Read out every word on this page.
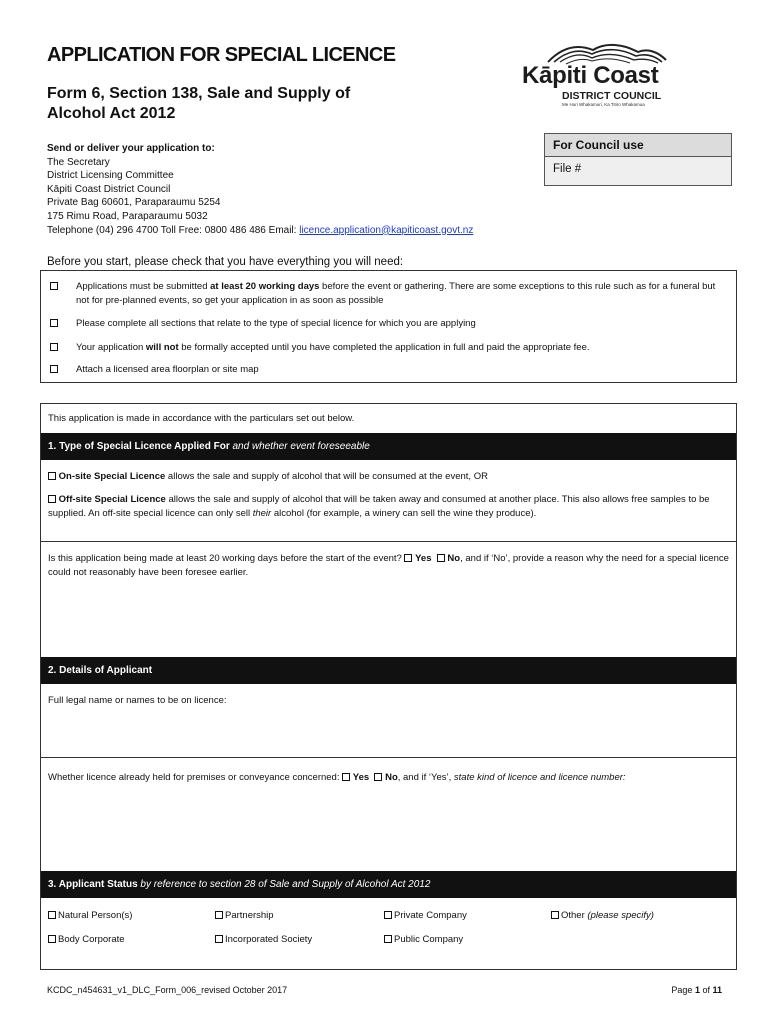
APPLICATION FOR SPECIAL LICENCE
Form 6, Section 138, Sale and Supply of
Alcohol Act 2012
Kāpiti Coast
DISTRICT COUNCIL
Me Huri Whakamuri, Ka Titiro Whakamua
For Council use
File #
Send or deliver your application to:
The Secretary
District Licensing Committee
Kāpiti Coast District Council
Private Bag 60601, Paraparaumu 5254
175 Rimu Road, Paraparaumu 5032
Telephone (04) 296 4700 Toll Free: 0800 486 486 Email: licence.application@kapiticoast.govt.nz
Before you start, please check that you have everything you will need:
Applications must be submitted at least 20 working days before the event or gathering. There are some exceptions to this rule such as for a funeral but not for pre-planned events, so get your application in as soon as possible
Please complete all sections that relate to the type of special licence for which you are applying
Your application will not be formally accepted until you have completed the application in full and paid the appropriate fee.
Attach a licensed area floorplan or site map
This application is made in accordance with the particulars set out below.
1. Type of Special Licence Applied For and whether event foreseeable
On-site Special Licence allows the sale and supply of alcohol that will be consumed at the event, OR
Off-site Special Licence allows the sale and supply of alcohol that will be taken away and consumed at another place. This also allows free samples to be supplied. An off-site special licence can only sell their alcohol (for example, a winery can sell the wine they produce).
Is this application being made at least 20 working days before the start of the event?  Yes No, and if ‘No’, provide a reason why the need for a special licence could not reasonably have been foresee earlier.
2. Details of Applicant
Full legal name or names to be on licence:
Whether licence already held for premises or conveyance concerned:  Yes No, and if ‘Yes’, state kind of licence and licence number:
3. Applicant Status by reference to section 28 of Sale and Supply of Alcohol Act 2012
Natural Person(s)	Partnership	Private Company	Other (please specify)
Body Corporate	Incorporated Society	Public Company
KCDC_n454631_v1_DLC_Form_006_revised October 2017	Page 1 of 11
